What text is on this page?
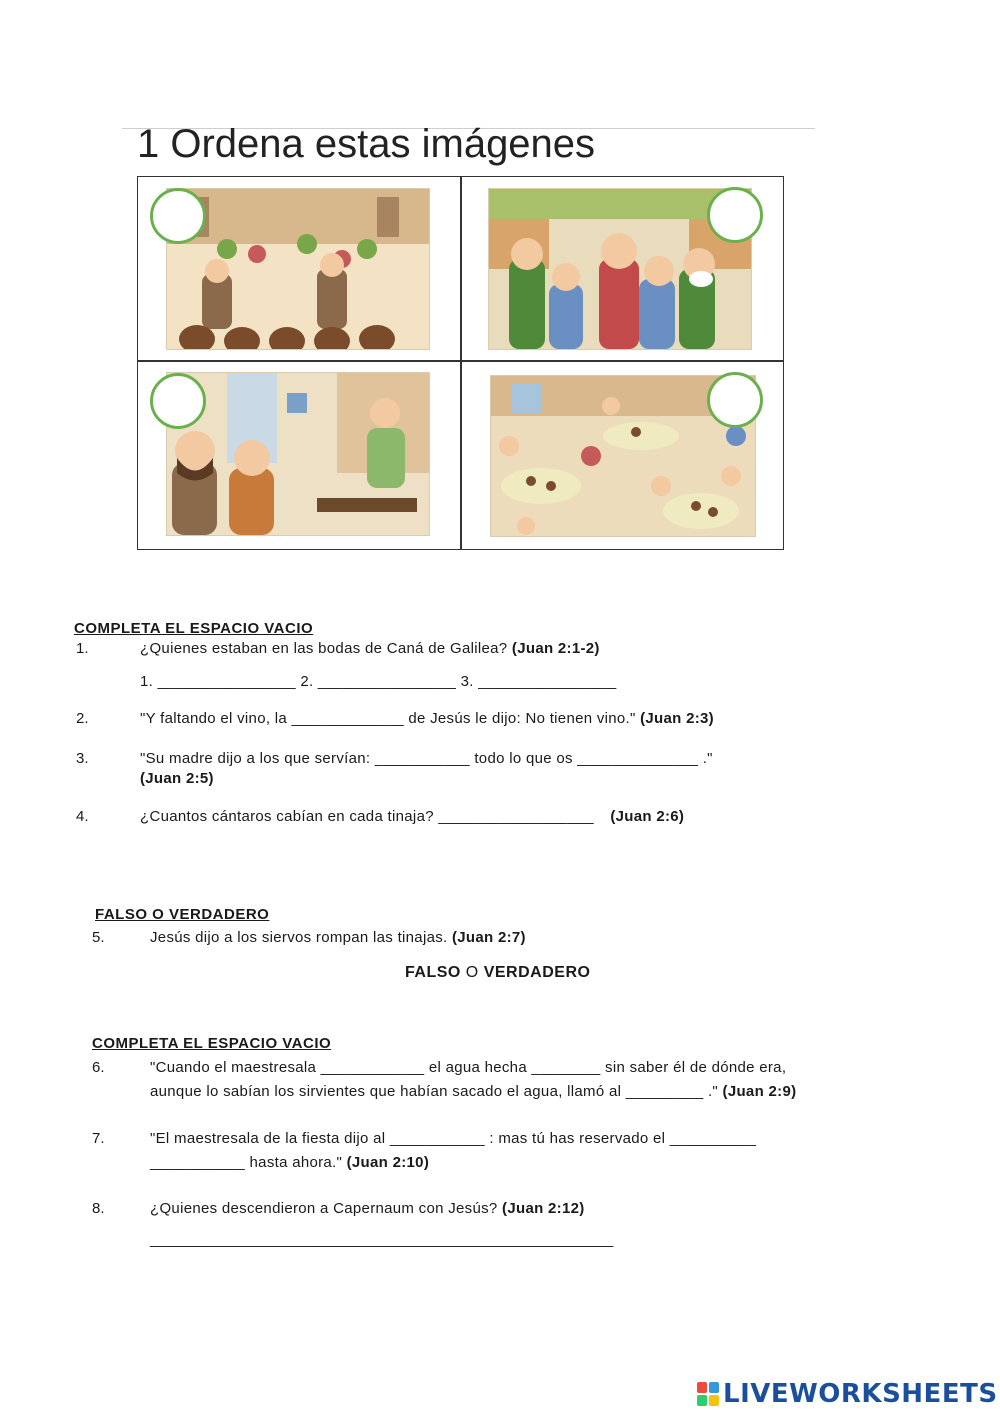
1 Ordena estas imágenes
COMPLETA EL ESPACIO VACIO
1.	¿Quienes estaban en las bodas de Caná de Galilea? (Juan 2:1-2)
1. ________________ 2. ________________ 3. ________________
2.	"Y faltando el vino, la _____________ de Jesús le dijo: No tienen vino." (Juan 2:3)
3.	"Su madre dijo a los que servían: ___________ todo lo que os ______________ ."
(Juan 2:5)
4.	¿Cuantos cántaros cabían en cada tinaja? __________________ (Juan 2:6)
FALSO O VERDADERO
5.	Jesús dijo a los siervos rompan las tinajas. (Juan 2:7)
FALSO O VERDADERO
COMPLETA EL ESPACIO VACIO
6.	"Cuando el maestresala ____________ el agua hecha ________ sin saber él de dónde era,
aunque lo sabían los sirvientes que habían sacado el agua, llamó al _________ ." (Juan 2:9)
7.	"El maestresala de la fiesta dijo al ___________ : mas tú has reservado el __________
___________ hasta ahora." (Juan 2:10)
8.	¿Quienes descendieron a Capernaum con Jesús? (Juan 2:12)
___________________________________________________________
LIVEWORKSHEETS
